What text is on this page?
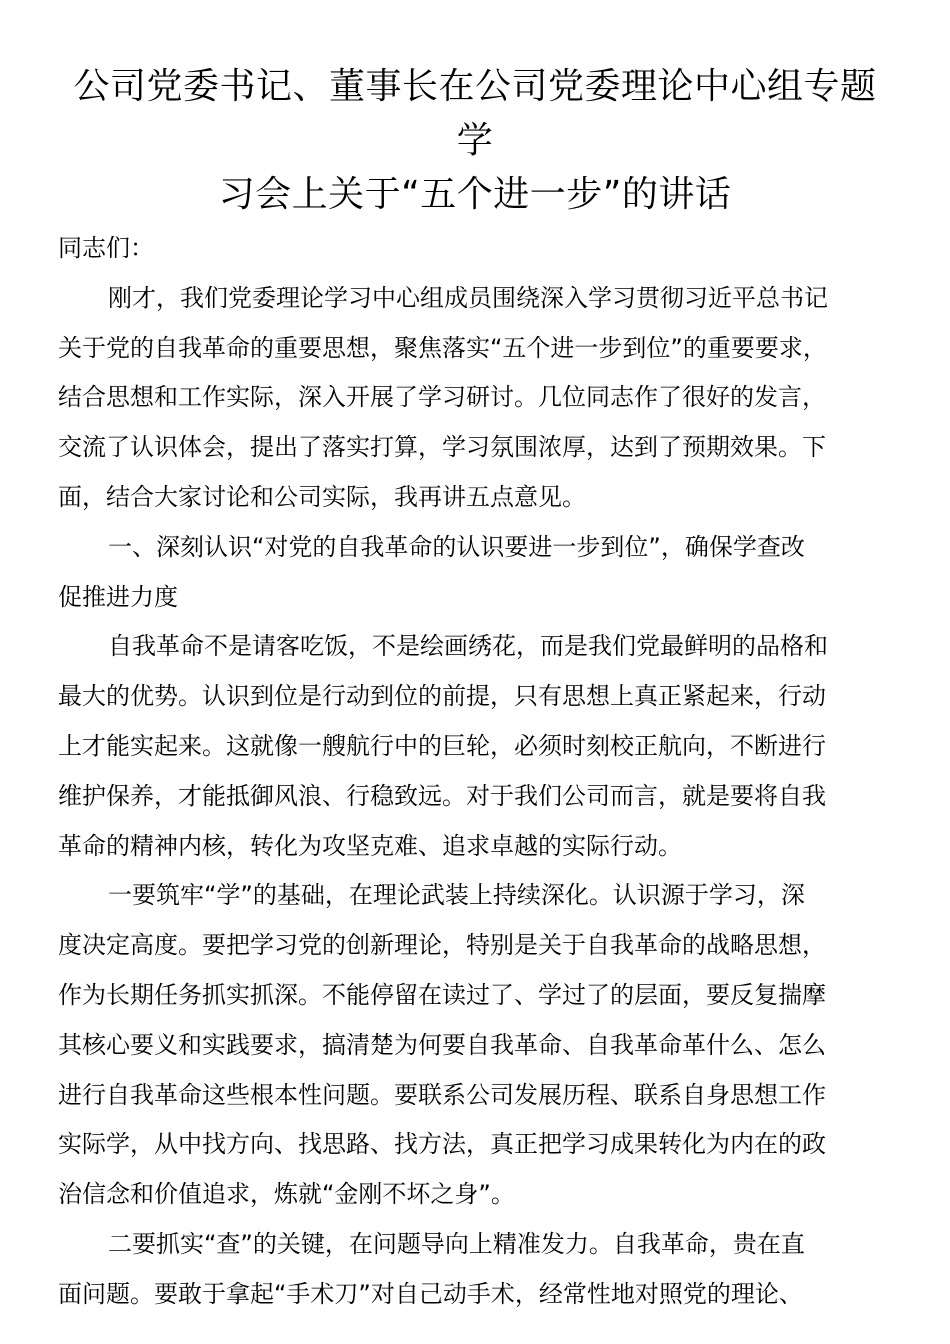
公司党委书记、董事长在公司党委理论中心组专题学
习会上关于“五个进一步”的讲话

同志们：

刚才，我们党委理论学习中心组成员围绕深入学习贯彻习近平总书记
关于党的自我革命的重要思想，聚焦落实“五个进一步到位”的重要要求，
结合思想和工作实际，深入开展了学习研讨。几位同志作了很好的发言，
交流了认识体会，提出了落实打算，学习氛围浓厚，达到了预期效果。下
面，结合大家讨论和公司实际，我再讲五点意见。

一、深刻认识“对党的自我革命的认识要进一步到位”，确保学查改
促推进力度

自我革命不是请客吃饭，不是绘画绣花，而是我们党最鲜明的品格和
最大的优势。认识到位是行动到位的前提，只有思想上真正紧起来，行动
上才能实起来。这就像一艘航行中的巨轮，必须时刻校正航向，不断进行
维护保养，才能抵御风浪、行稳致远。对于我们公司而言，就是要将自我
革命的精神内核，转化为攻坚克难、追求卓越的实际行动。

一要筑牢“学”的基础，在理论武装上持续深化。认识源于学习，深
度决定高度。要把学习党的创新理论，特别是关于自我革命的战略思想，
作为长期任务抓实抓深。不能停留在读过了、学过了的层面，要反复揣摩
其核心要义和实践要求，搞清楚为何要自我革命、自我革命革什么、怎么
进行自我革命这些根本性问题。要联系公司发展历程、联系自身思想工作
实际学，从中找方向、找思路、找方法，真正把学习成果转化为内在的政
治信念和价值追求，炼就“金刚不坏之身”。

二要抓实“查”的关键，在问题导向上精准发力。自我革命，贵在直
面问题。要敢于拿起“手术刀”对自己动手术，经常性地对照党的理论、
